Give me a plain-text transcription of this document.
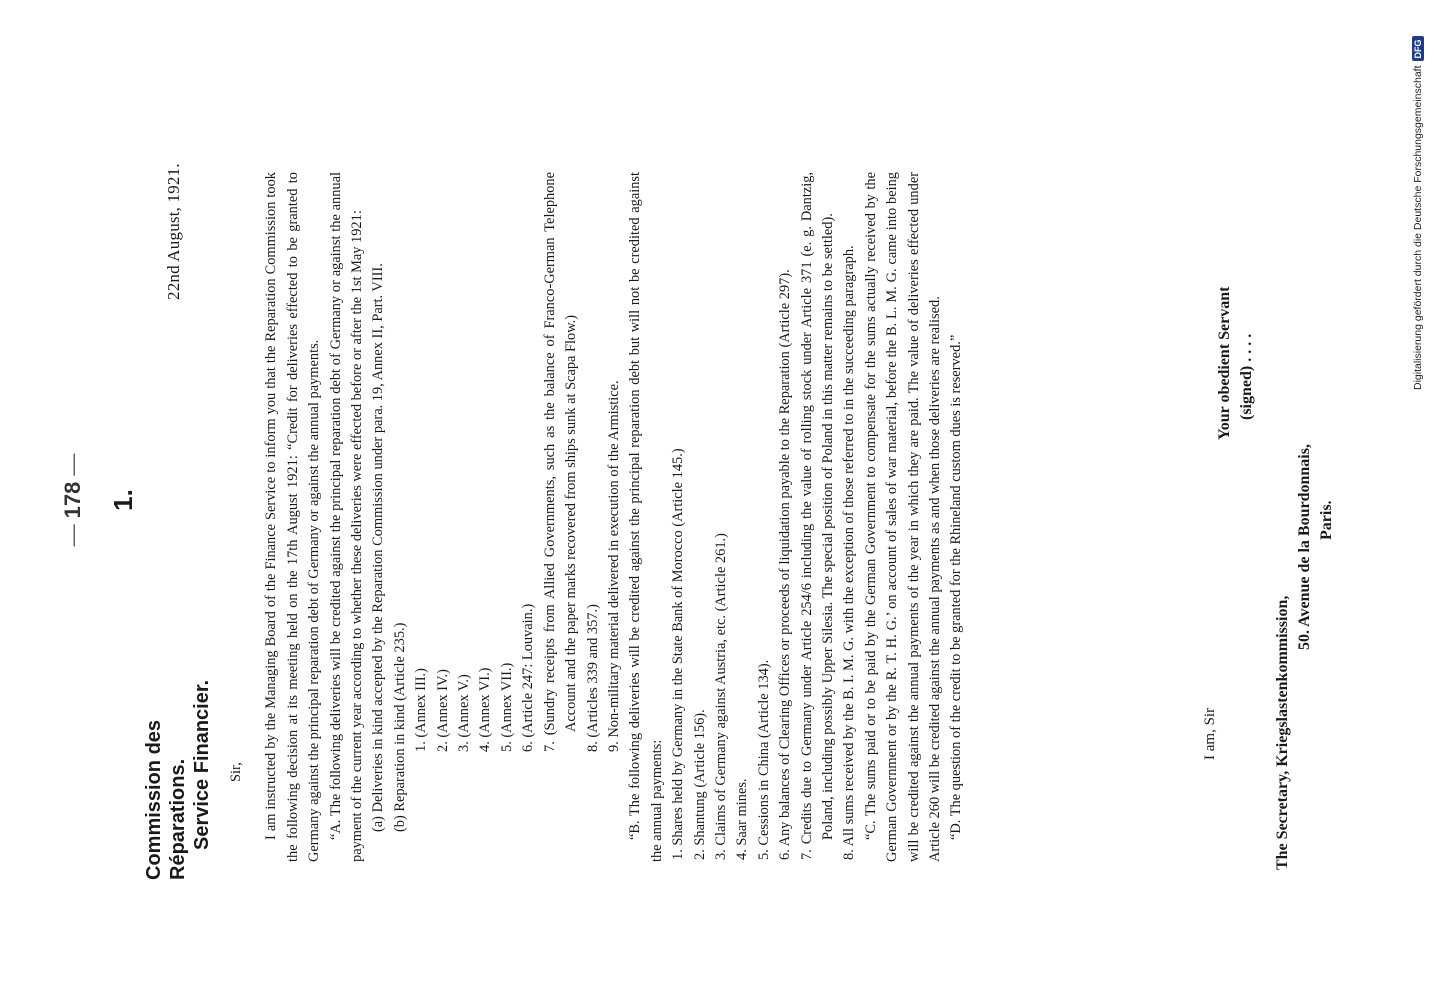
— 178 — 1.
Commission des Réparations. Service Financier.
22nd August, 1921.

Sir, I am instructed by the Managing Board of the Finance Service to inform you that the Reparation Commission took the following decision at its meeting held on the 17th August 1921: “Credit for deliveries effected to be granted to Germany against the principal reparation debt of Germany or against the annual payments. “A. The following deliveries will be credited against the principal reparation debt of Germany or against the annual payment of the current year according to whether these deliveries were effected before or after the 1st May 1921: (a) Deliveries in kind accepted by the Reparation Commission under para. 19, Annex II, Part. VIII. (b) Reparation in kind (Article 235.) 1. (Annex III.) 2. (Annex IV.) 3. (Annex V.) 4. (Annex VI.) 5. (Annex VII.) 6. (Article 247: Louvain.) 7. (Sundry receipts from Allied Governments, such as the balance of Franco-German Telephone Account and the paper marks recovered from ships sunk at Scapa Flow.) 8. (Articles 339 and 357.) 9. Non-military material delivered in execution of the Armistice. “B. The following deliveries will be credited against the principal reparation debt but will not be credited against the annual payments: 1. Shares held by Germany in the State Bank of Morocco (Article 145.) 2. Shantung (Article 156). 3. Claims of Germany against Austria, etc. (Article 261.) 4. Saar mines. 5. Cessions in China (Article 134). 6. Any balances of Clearing Offices or proceeds of liquidation payable to the Reparation (Article 297). 7. Credits due to Germany under Article 254/6 including the value of rolling stock under Article 371 (e. g. Dantzig, Poland, including possibly Upper Silesia. The special position of Poland in this matter remains to be settled). 8. All sums received by the B. I. M. G. with the exception of those referred to in the succeeding paragraph. “C. The sums paid or to be paid by the German Government to compensate for the sums actually received by the German Government or by the R. T. H. G.’ on account of sales of war material, before the B. L. M. G. came into being will be credited against the annual payments of the year in which they are paid. The value of deliveries effected under Article 260 will be credited against the annual payments as and when those deliveries are realised. “D. The question of the credit to be granted for the Rhineland custom dues is reserved.”	I am, Sir
Your obedient Servant (signed) . . . .
The Secretary, Kriegslastenkommission,
50. Avenue de la Bourdonnais, Paris.
Digitalisierung gefördert durch die Deutsche Forschungsgemeinschaft
DFG
